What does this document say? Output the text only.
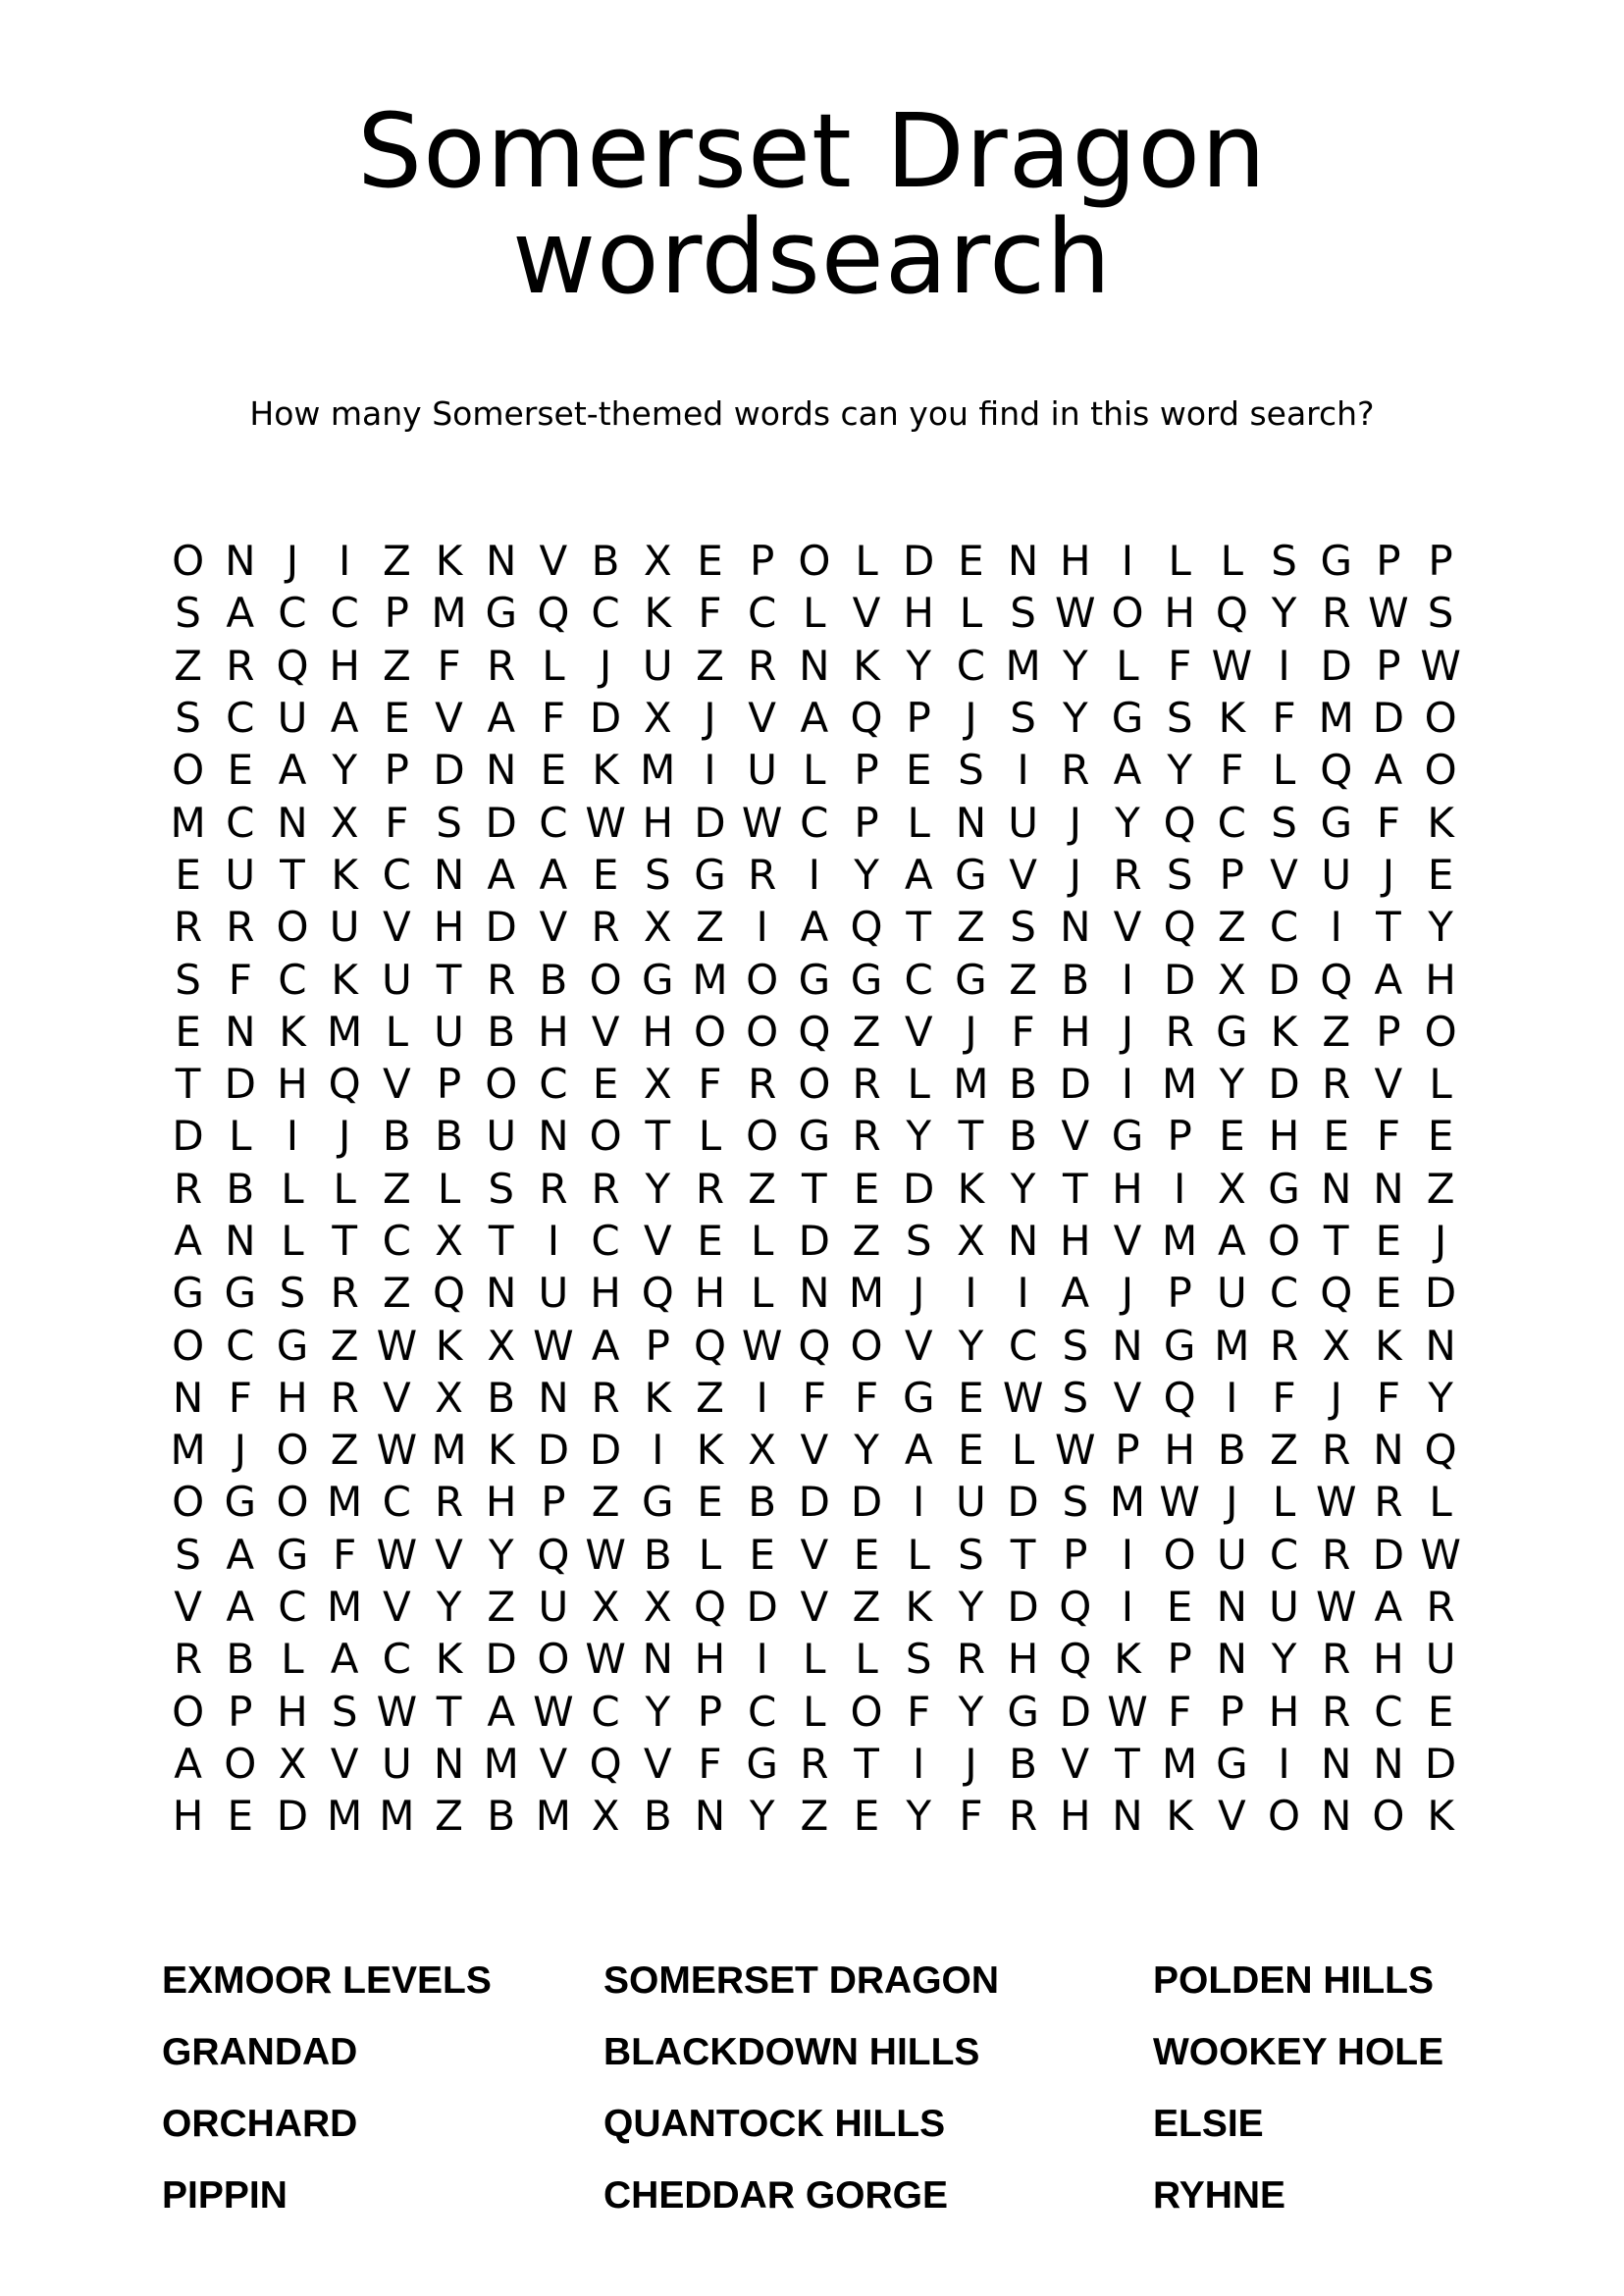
Somerset Dragon
wordsearch

How many Somerset-themed words can you find in this word search?

O N J I Z K N V B X E P O L D E N H I L L S G P P
S A C C P M G Q C K F C L V H L S W O H Q Y R W S
Z R Q H Z F R L J U Z R N K Y C M Y L F W I D P W
S C U A E V A F D X J V A Q P J S Y G S K F M D O
O E A Y P D N E K M I U L P E S I R A Y F L Q A O
M C N X F S D C W H D W C P L N U J Y Q C S G F K
E U T K C N A A E S G R I Y A G V J R S P V U J E
R R O U V H D V R X Z I A Q T Z S N V Q Z C I T Y
S F C K U T R B O G M O G G C G Z B I D X D Q A H
E N K M L U B H V H O O Q Z V J F H J R G K Z P O
T D H Q V P O C E X F R O R L M B D I M Y D R V L
D L I J B B U N O T L O G R Y T B V G P E H E F E
R B L L Z L S R R Y R Z T E D K Y T H I X G N N Z
A N L T C X T I C V E L D Z S X N H V M A O T E J
G G S R Z Q N U H Q H L N M J I I A J P U C Q E D
O C G Z W K X W A P Q W Q O V Y C S N G M R X K N
N F H R V X B N R K Z I F F G E W S V Q I F J F Y
M J O Z W M K D D I K X V Y A E L W P H B Z R N Q
O G O M C R H P Z G E B D D I U D S M W J L W R L
S A G F W V Y Q W B L E V E L S T P I O U C R D W
V A C M V Y Z U X X Q D V Z K Y D Q I E N U W A R
R B L A C K D O W N H I L L S R H Q K P N Y R H U
O P H S W T A W C Y P C L O F Y G D W F P H R C E
A O X V U N M V Q V F G R T I J B V T M G I N N D
H E D M M Z B M X B N Y Z E Y F R H N K V O N O K
EXMOOR LEVELS
GRANDAD
ORCHARD
PIPPIN
SOMERSET DRAGON
BLACKDOWN HILLS
QUANTOCK HILLS
CHEDDAR GORGE
POLDEN HILLS
WOOKEY HOLE
ELSIE
RYHNE
